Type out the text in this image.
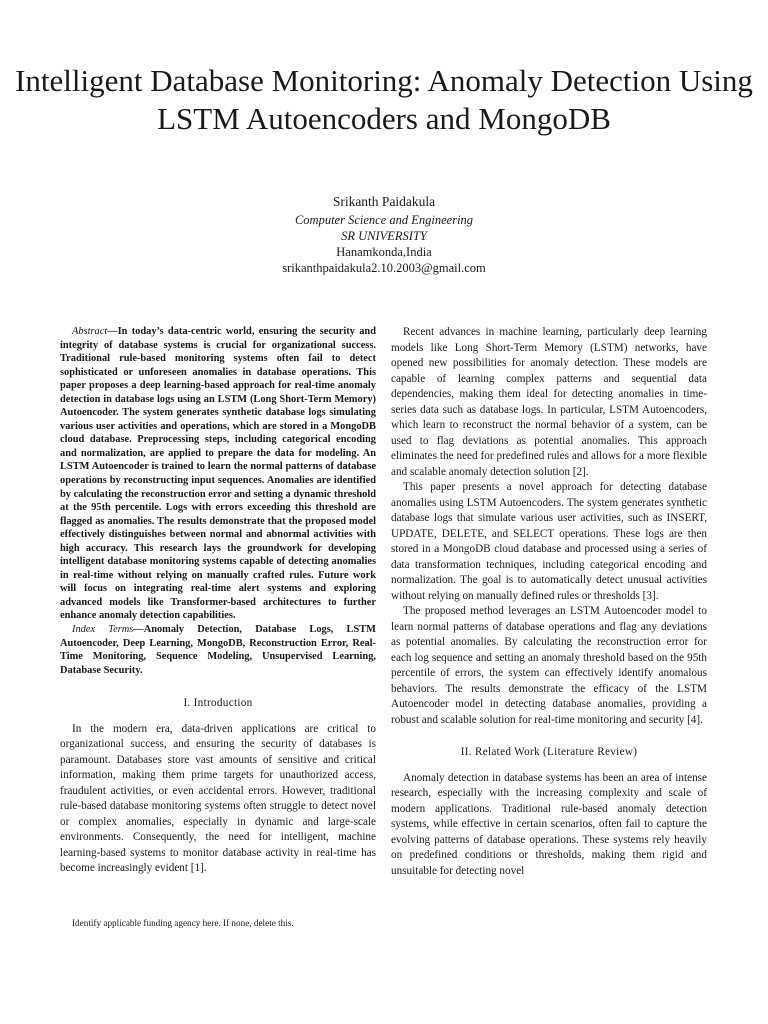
Intelligent Database Monitoring: Anomaly Detection Using LSTM Autoencoders and MongoDB
Srikanth Paidakula
Computer Science and Engineering
SR UNIVERSITY
Hanamkonda,India
srikanthpaidakula2.10.2003@gmail.com

Abstract—In today’s data-centric world, ensuring the security and integrity of database systems is crucial for organizational success. Traditional rule-based monitoring systems often fail to detect sophisticated or unforeseen anomalies in database operations. This paper proposes a deep learning-based approach for real-time anomaly detection in database logs using an LSTM (Long Short-Term Memory) Autoencoder. The system generates synthetic database logs simulating various user activities and operations, which are stored in a MongoDB cloud database. Preprocessing steps, including categorical encoding and normalization, are applied to prepare the data for modeling. An LSTM Autoencoder is trained to learn the normal patterns of database operations by reconstructing input sequences. Anomalies are identified by calculating the reconstruction error and setting a dynamic threshold at the 95th percentile. Logs with errors exceeding this threshold are flagged as anomalies. The results demonstrate that the proposed model effectively distinguishes between normal and abnormal activities with high accuracy. This research lays the groundwork for developing intelligent database monitoring systems capable of detecting anomalies in real-time without relying on manually crafted rules. Future work will focus on integrating real-time alert systems and exploring advanced models like Transformer-based architectures to further enhance anomaly detection capabilities.

Index Terms—Anomaly Detection, Database Logs, LSTM Autoencoder, Deep Learning, MongoDB, Reconstruction Error, Real-Time Monitoring, Sequence Modeling, Unsupervised Learning, Database Security.

I. Introduction

In the modern era, data-driven applications are critical to organizational success, and ensuring the security of databases is paramount. Databases store vast amounts of sensitive and critical information, making them prime targets for unauthorized access, fraudulent activities, or even accidental errors. However, traditional rule-based database monitoring systems often struggle to detect novel or complex anomalies, especially in dynamic and large-scale environments. Consequently, the need for intelligent, machine learning-based systems to monitor database activity in real-time has become increasingly evident [1].

Recent advances in machine learning, particularly deep learning models like Long Short-Term Memory (LSTM) networks, have opened new possibilities for anomaly detection. These models are capable of learning complex patterns and sequential data dependencies, making them ideal for detecting anomalies in time-series data such as database logs. In particular, LSTM Autoencoders, which learn to reconstruct the normal behavior of a system, can be used to flag deviations as potential anomalies. This approach eliminates the need for predefined rules and allows for a more flexible and scalable anomaly detection solution [2].

This paper presents a novel approach for detecting database anomalies using LSTM Autoencoders. The system generates synthetic database logs that simulate various user activities, such as INSERT, UPDATE, DELETE, and SELECT operations. These logs are then stored in a MongoDB cloud database and processed using a series of data transformation techniques, including categorical encoding and normalization. The goal is to automatically detect unusual activities without relying on manually defined rules or thresholds [3].

The proposed method leverages an LSTM Autoencoder model to learn normal patterns of database operations and flag any deviations as potential anomalies. By calculating the reconstruction error for each log sequence and setting an anomaly threshold based on the 95th percentile of errors, the system can effectively identify anomalous behaviors. The results demonstrate the efficacy of the LSTM Autoencoder model in detecting database anomalies, providing a robust and scalable solution for real-time monitoring and security [4].

II. Related Work (Literature Review)

Anomaly detection in database systems has been an area of intense research, especially with the increasing complexity and scale of modern applications. Traditional rule-based anomaly detection systems, while effective in certain scenarios, often fail to capture the evolving patterns of database operations. These systems rely heavily on predefined conditions or thresholds, making them rigid and unsuitable for detecting novel

Identify applicable funding agency here. If none, delete this.
